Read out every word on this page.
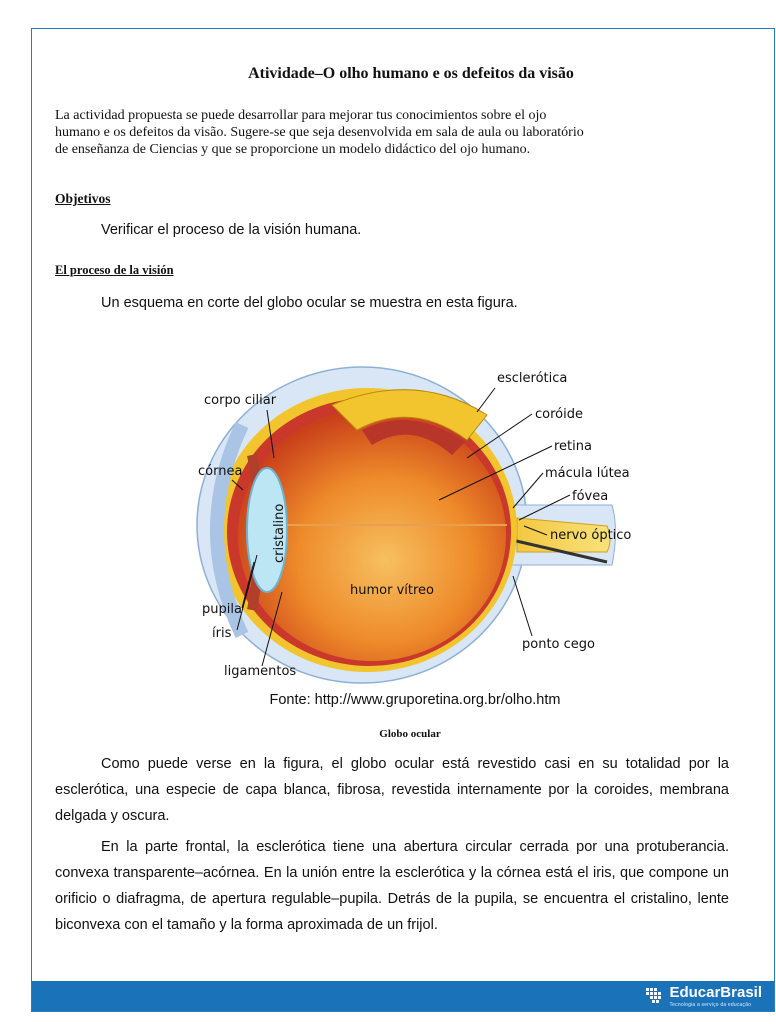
Atividade–O olho humano e os defeitos da visão
La actividad propuesta se puede desarrollar para mejorar tus conocimientos sobre el ojo
humano e os defeitos da visão. Sugere-se que seja desenvolvida em sala de aula ou laboratório
de enseñanza de Ciencias y que se proporcione un modelo didáctico del ojo humano.
Objetivos
Verificar el proceso de la visión humana.
El proceso de la visión
Un esquema en corte del globo ocular se muestra en esta figura.
esclerótica
coróide
retina
mácula lútea
fóvea
nervo óptico
ponto cego
corpo ciliar
córnea
humor vítreo
pupila
íris
ligamentos
cristalino
Fonte: http://www.gruporetina.org.br/olho.htm
Globo ocular

Como puede verse en la figura, el globo ocular está revestido casi en su totalidad por la esclerótica, una especie de capa blanca, fibrosa, revestida internamente por la coroides, membrana delgada y oscura.

En la parte frontal, la esclerótica tiene una abertura circular cerrada por una protuberancia. convexa transparente–acórnea. En la unión entre la esclerótica y la córnea está el iris, que compone un orificio o diafragma, de apertura regulable–pupila. Detrás de la pupila, se encuentra el cristalino, lente biconvexa con el tamaño y la forma aproximada de un frijol.

EducarBrasil
Tecnologia a serviço da educação
